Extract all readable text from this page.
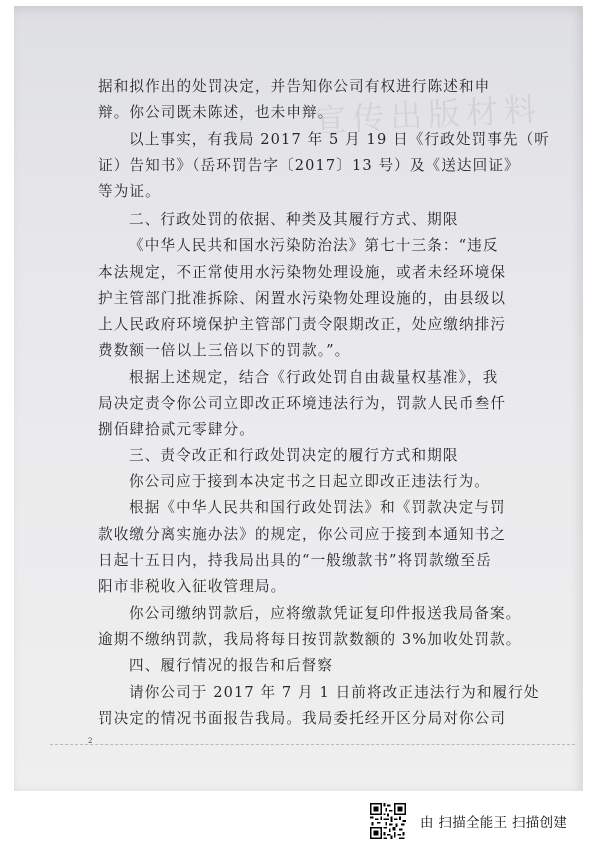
宣传出版材料
据和拟作出的处罚决定，并告知你公司有权进行陈述和申
辩。你公司既未陈述，也未申辩。
以上事实，有我局 2017 年 5 月 19 日《行政处罚事先（听
证）告知书》（岳环罚告字〔2017〕13 号）及《送达回证》
等为证。
二、行政处罚的依据、种类及其履行方式、期限
《中华人民共和国水污染防治法》第七十三条：“违反
本法规定，不正常使用水污染物处理设施，或者未经环境保
护主管部门批准拆除、闲置水污染物处理设施的，由县级以
上人民政府环境保护主管部门责令限期改正，处应缴纳排污
费数额一倍以上三倍以下的罚款。”。
根据上述规定，结合《行政处罚自由裁量权基准》，我
局决定责令你公司立即改正环境违法行为，罚款人民币叁仟
捌佰肆拾贰元零肆分。
三、责令改正和行政处罚决定的履行方式和期限
你公司应于接到本决定书之日起立即改正违法行为。
根据《中华人民共和国行政处罚法》和《罚款决定与罚
款收缴分离实施办法》的规定，你公司应于接到本通知书之
日起十五日内，持我局出具的“一般缴款书”将罚款缴至岳
阳市非税收入征收管理局。
你公司缴纳罚款后，应将缴款凭证复印件报送我局备案。
逾期不缴纳罚款，我局将每日按罚款数额的 3%加收处罚款。
四、履行情况的报告和后督察
请你公司于 2017 年 7 月 1 日前将改正违法行为和履行处
罚决定的情况书面报告我局。我局委托经开区分局对你公司
2
由 扫描全能王 扫描创建
